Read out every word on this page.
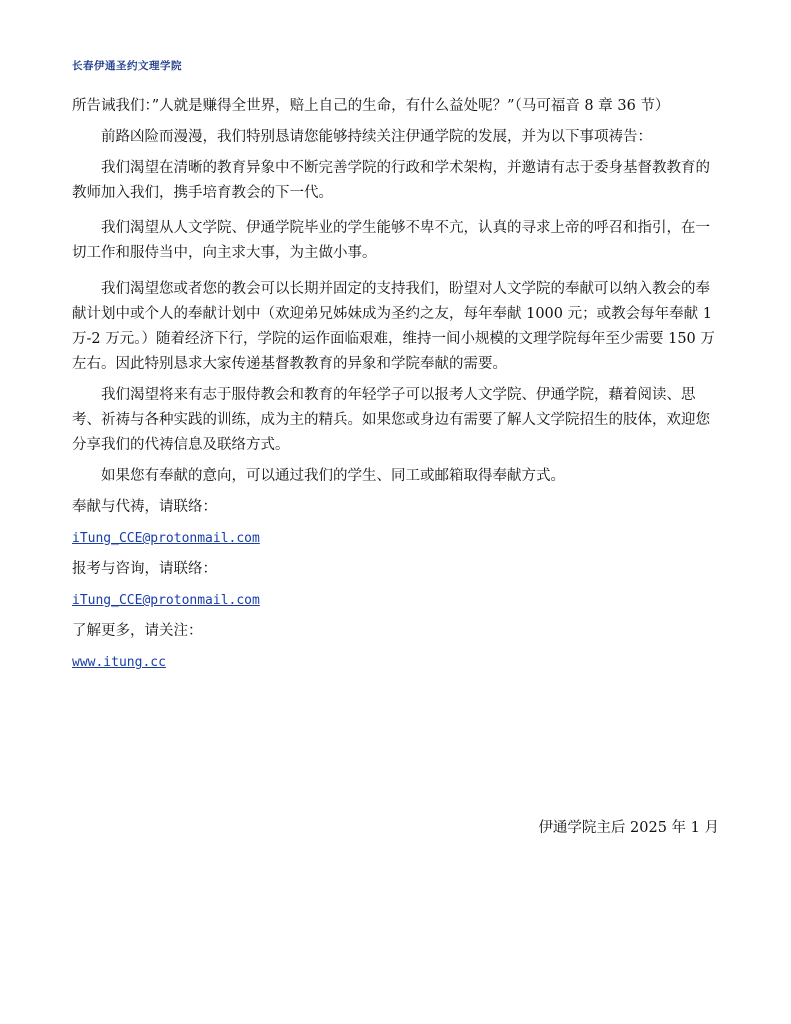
长春伊通圣约文理学院

所告诫我们：”人就是赚得全世界，赔上自己的生命，有什么益处呢？”（马可福音 8 章 36 节）

前路凶险而漫漫，我们特别恳请您能够持续关注伊通学院的发展，并为以下事项祷告：

我们渴望在清晰的教育异象中不断完善学院的行政和学术架构，并邀请有志于委身基督教教育的教师加入我们，携手培育教会的下一代。

我们渴望从人文学院、伊通学院毕业的学生能够不卑不亢，认真的寻求上帝的呼召和指引，在一切工作和服侍当中，向主求大事，为主做小事。

我们渴望您或者您的教会可以长期并固定的支持我们，盼望对人文学院的奉献可以纳入教会的奉献计划中或个人的奉献计划中（欢迎弟兄姊妹成为圣约之友，每年奉献 1000 元；或教会每年奉献 1 万-2 万元。）随着经济下行，学院的运作面临艰难，维持一间小规模的文理学院每年至少需要 150 万左右。因此特别恳求大家传递基督教教育的异象和学院奉献的需要。

我们渴望将来有志于服侍教会和教育的年轻学子可以报考人文学院、伊通学院，藉着阅读、思考、祈祷与各种实践的训练，成为主的精兵。如果您或身边有需要了解人文学院招生的肢体，欢迎您分享我们的代祷信息及联络方式。

如果您有奉献的意向，可以通过我们的学生、同工或邮箱取得奉献方式。

奉献与代祷，请联络：

iTung_CCE@protonmail.com

报考与咨询，请联络：

iTung_CCE@protonmail.com

了解更多，请关注：

www.itung.cc

伊通学院主后 2025 年 1 月
